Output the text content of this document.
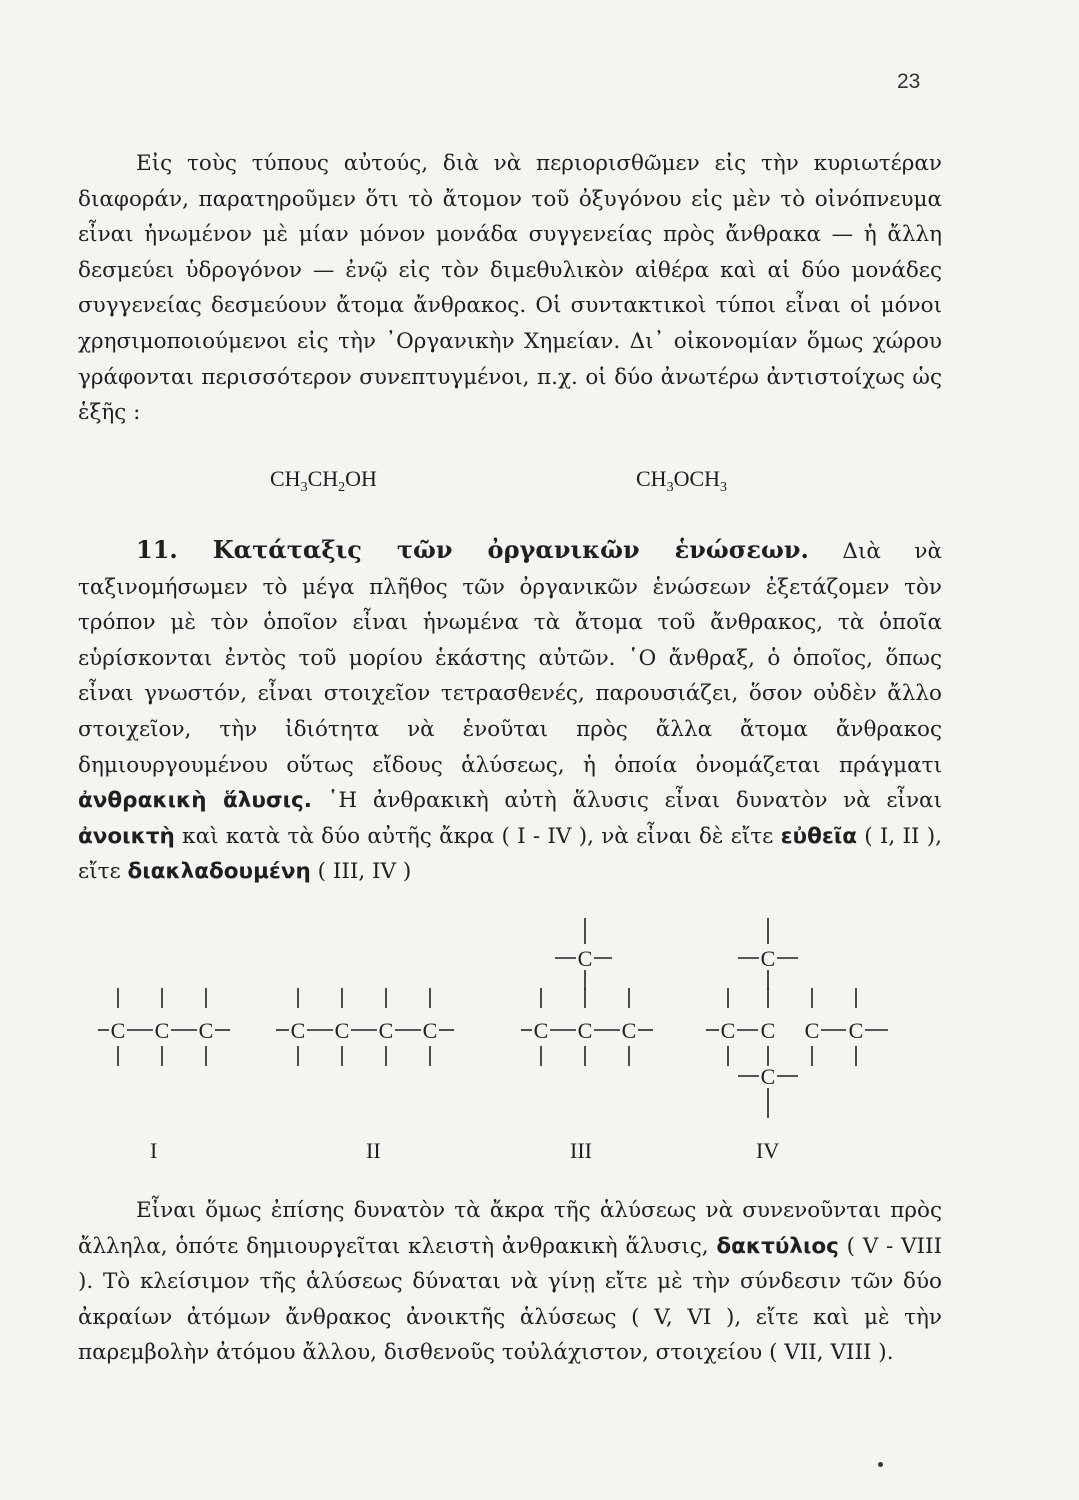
23
Εἰς τοὺς τύπους αὐτούς, διὰ νὰ περιορισθῶμεν εἰς τὴν κυριωτέραν διαφοράν, παρατηροῦμεν ὅτι τὸ ἄτομον τοῦ ὀξυγόνου εἰς μὲν τὸ οἰνόπνευμα εἶναι ἡνωμένον μὲ μίαν μόνον μονάδα συγγενείας πρὸς ἄνθρακα — ἡ ἄλλη δεσμεύει ὑδρογόνον — ἐνῷ εἰς τὸν διμεθυλικὸν αἰθέρα καὶ αἱ δύο μονάδες συγγενείας δεσμεύουν ἄτομα ἄνθρακος. Οἱ συντακτικοὶ τύποι εἶναι οἱ μόνοι χρησιμοποιούμενοι εἰς τὴν ᾽Οργανικὴν Χημείαν. Δι᾽ οἰκονομίαν ὅμως χώρου γράφονται περισσότερον συνεπτυγμένοι, π.χ. οἱ δύο ἀνωτέρω ἀντιστοίχως ὡς ἑξῆς :
$CH_3CH_2OH$	$CH_3OCH_3$
11. Κατάταξις τῶν ὀργανικῶν ἑνώσεων. Διὰ νὰ ταξινομήσωμεν τὸ μέγα πλῆθος τῶν ὀργανικῶν ἑνώσεων ἐξετάζομεν τὸν τρόπον μὲ τὸν ὁποῖον εἶναι ἡνωμένα τὰ ἄτομα τοῦ ἄνθρακος, τὰ ὁποῖα εὑρίσκονται ἐντὸς τοῦ μορίου ἑκάστης αὐτῶν. ῾Ο ἄνθραξ, ὁ ὁποῖος, ὅπως εἶναι γνωστόν, εἶναι στοιχεῖον τετρασθενές, παρουσιάζει, ὅσον οὐδὲν ἄλλο στοιχεῖον, τὴν ἰδιότητα νὰ ἑνοῦται πρὸς ἄλλα ἄτομα ἄνθρακος δημιουργουμένου οὕτως εἴδους ἁλύσεως, ἡ ὁποία ὀνομάζεται πράγματι ἀνθρακικὴ ἅλυσις. ῾Η ἀνθρακικὴ αὐτὴ ἅλυσις εἶναι δυνατὸν νὰ εἶναι ἀνοικτὴ καὶ κατὰ τὰ δύο αὐτῆς ἄκρα ( I - IV ), νὰ εἶναι δὲ εἴτε εὐθεῖα ( I, II ), εἴτε διακλαδουμένη ( III, IV )
C C C	C C C C	C C C
C
C C C C
C
C
I	II	III	IV
Εἶναι ὅμως ἐπίσης δυνατὸν τὰ ἄκρα τῆς ἁλύσεως νὰ συνενοῦνται πρὸς ἄλληλα, ὁπότε δημιουργεῖται κλειστὴ ἀνθρακικὴ ἅλυσις, δακτύλιος ( V - VIII ). Τὸ κλείσιμον τῆς ἁλύσεως δύναται νὰ γίνῃ εἴτε μὲ τὴν σύνδεσιν τῶν δύο ἀκραίων ἀτόμων ἄνθρακος ἀνοικτῆς ἁλύσεως ( V, VI ), εἴτε καὶ μὲ τὴν παρεμβολὴν ἀτόμου ἄλλου, δισθενοῦς τοὐλάχιστον, στοιχείου ( VII, VIII ).
